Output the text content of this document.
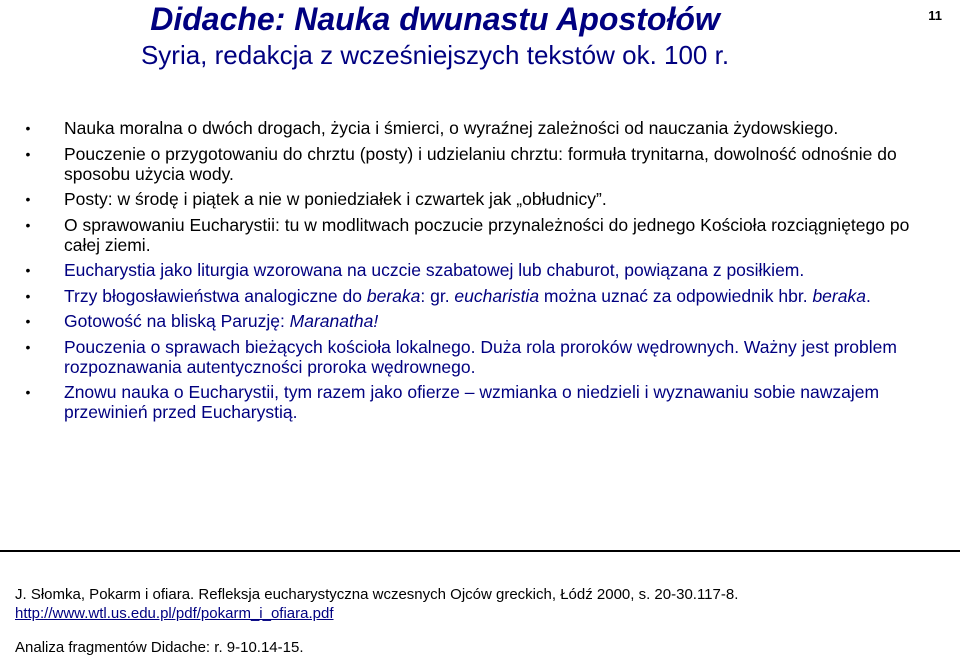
11
Didache: Nauka dwunastu Apostołów
Syria, redakcja z wcześniejszych tekstów ok. 100 r.
•	Nauka moralna o dwóch drogach, życia i śmierci, o wyraźnej zależności od nauczania żydowskiego.
•	Pouczenie o przygotowaniu do chrztu (posty) i udzielaniu chrztu: formuła trynitarna, dowolność odnośnie do sposobu użycia wody.
•	Posty: w środę i piątek a nie w poniedziałek i czwartek jak „obłudnicy”.
•	O sprawowaniu Eucharystii: tu w modlitwach poczucie przynależności do jednego Kościoła rozciągniętego po całej ziemi.
•	Eucharystia jako liturgia wzorowana na uczcie szabatowej lub chaburot, powiązana z posiłkiem.
•	Trzy błogosławieństwa analogiczne do beraka: gr. eucharistia można uznać za odpowiednik hbr. beraka.
•	Gotowość na bliską Paruzję: Maranatha!
•	Pouczenia o sprawach bieżących kościoła lokalnego. Duża rola proroków wędrownych. Ważny jest problem rozpoznawania autentyczności proroka wędrownego.
•	Znowu nauka o Eucharystii, tym razem jako ofierze – wzmianka o niedzieli i wyznawaniu sobie nawzajem przewinień przed Eucharystią.
J. Słomka, Pokarm i ofiara. Refleksja eucharystyczna wczesnych Ojców greckich, Łódź 2000, s. 20-30.117-8.
http://www.wtl.us.edu.pl/pdf/pokarm_i_ofiara.pdf
Analiza fragmentów Didache: r. 9-10.14-15.
